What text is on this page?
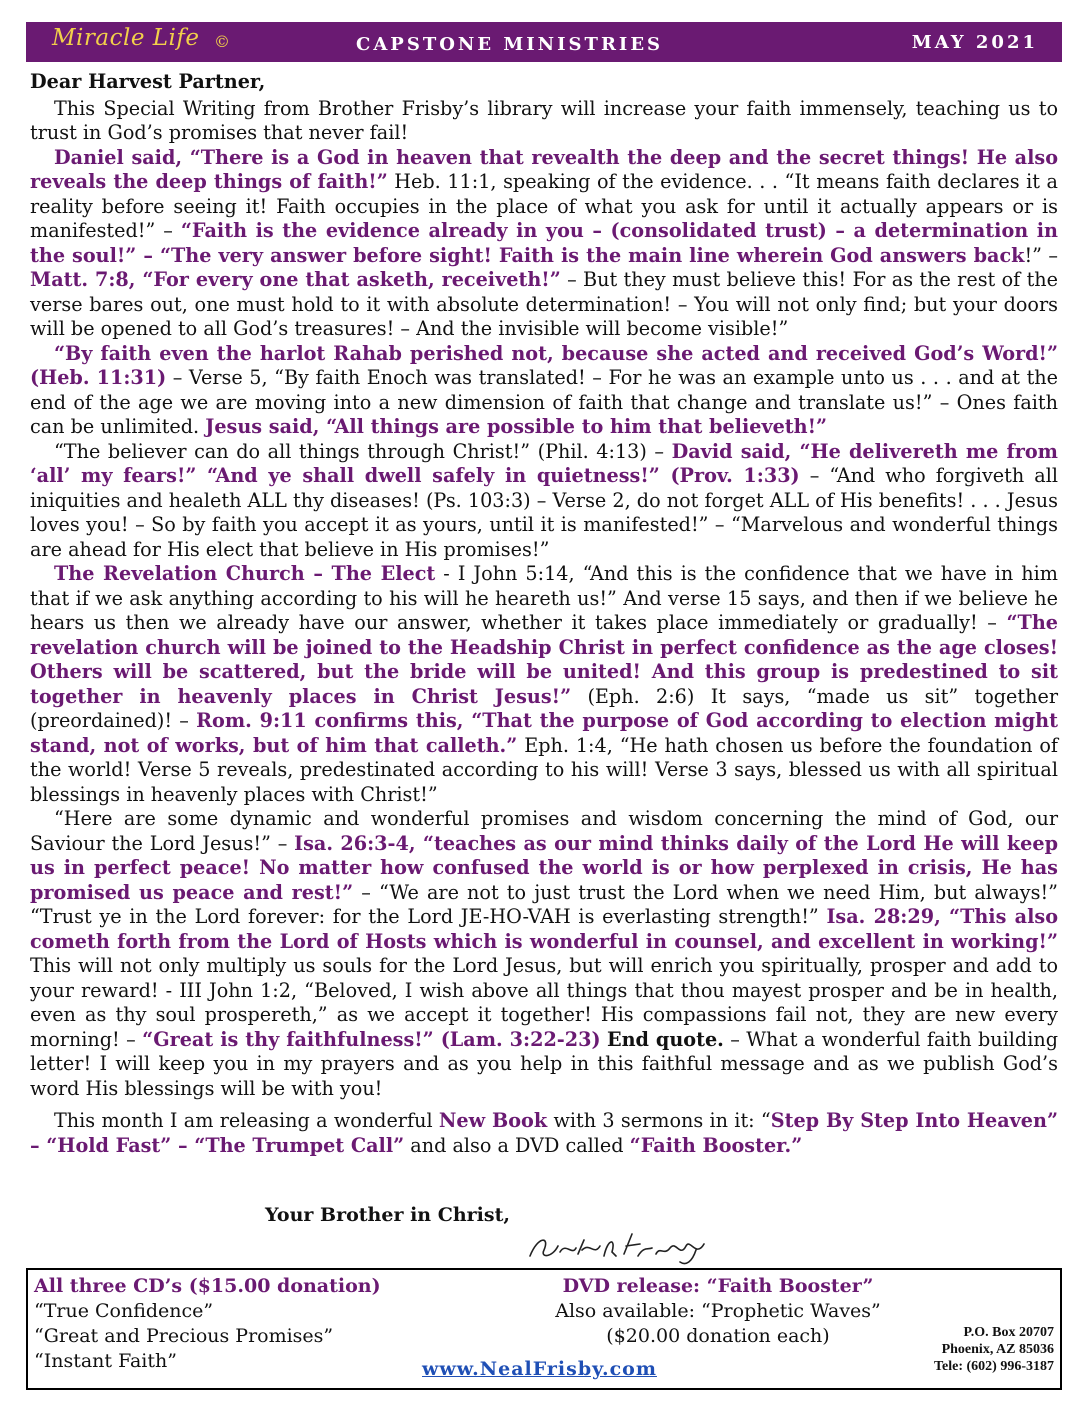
Miracle Life ©	CAPSTONE MINISTRIES	MAY 2021

Dear Harvest Partner,

This Special Writing from Brother Frisby’s library will increase your faith immensely, teaching us to trust in God’s promises that never fail!

Daniel said, “There is a God in heaven that revealth the deep and the secret things! He also reveals the deep things of faith!” Heb. 11:1, speaking of the evidence. . . “It means faith declares it a reality before seeing it! Faith occupies in the place of what you ask for until it actually appears or is manifested!” – “Faith is the evidence already in you – (consolidated trust) – a determination in the soul!” – “The very answer before sight! Faith is the main line wherein God answers back!” – Matt. 7:8, “For every one that asketh, receiveth!” – But they must believe this! For as the rest of the verse bares out, one must hold to it with absolute determination! – You will not only find; but your doors will be opened to all God’s treasures! – And the invisible will become visible!”

“By faith even the harlot Rahab perished not, because she acted and received God’s Word!” (Heb. 11:31) – Verse 5, “By faith Enoch was translated! – For he was an example unto us . . . and at the end of the age we are moving into a new dimension of faith that change and translate us!” – Ones faith can be unlimited. Jesus said, “All things are possible to him that believeth!”

“The believer can do all things through Christ!” (Phil. 4:13) – David said, “He delivereth me from ‘all’ my fears!” “And ye shall dwell safely in quietness!” (Prov. 1:33) – “And who forgiveth all iniquities and healeth ALL thy diseases! (Ps. 103:3) – Verse 2, do not forget ALL of His benefits! . . . Jesus loves you! – So by faith you accept it as yours, until it is manifested!” – “Marvelous and wonderful things are ahead for His elect that believe in His promises!”

The Revelation Church – The Elect - I John 5:14, “And this is the confidence that we have in him that if we ask anything according to his will he heareth us!” And verse 15 says, and then if we believe he hears us then we already have our answer, whether it takes place immediately or gradually! – “The revelation church will be joined to the Headship Christ in perfect confidence as the age closes! Others will be scattered, but the bride will be united! And this group is predestined to sit together in heavenly places in Christ Jesus!” (Eph. 2:6) It says, “made us sit” together (preordained)! – Rom. 9:11 confirms this, “That the purpose of God according to election might stand, not of works, but of him that calleth.” Eph. 1:4, “He hath chosen us before the foundation of the world! Verse 5 reveals, predestinated according to his will! Verse 3 says, blessed us with all spiritual blessings in heavenly places with Christ!”

“Here are some dynamic and wonderful promises and wisdom concerning the mind of God, our Saviour the Lord Jesus!” – Isa. 26:3-4, “teaches as our mind thinks daily of the Lord He will keep us in perfect peace! No matter how confused the world is or how perplexed in crisis, He has promised us peace and rest!” – “We are not to just trust the Lord when we need Him, but always!” “Trust ye in the Lord forever: for the Lord JE-HO-VAH is everlasting strength!” Isa. 28:29, “This also cometh forth from the Lord of Hosts which is wonderful in counsel, and excellent in working!” This will not only multiply us souls for the Lord Jesus, but will enrich you spiritually, prosper and add to your reward! - III John 1:2, “Beloved, I wish above all things that thou mayest prosper and be in health, even as thy soul prospereth,” as we accept it together! His compassions fail not, they are new every morning! – “Great is thy faithfulness!” (Lam. 3:22-23) End quote. – What a wonderful faith building letter! I will keep you in my prayers and as you help in this faithful message and as we publish God’s word His blessings will be with you!

This month I am releasing a wonderful New Book with 3 sermons in it: “Step By Step Into Heaven” – “Hold Fast” – “The Trumpet Call” and also a DVD called “Faith Booster.”

Your Brother in Christ,
All three CD’s ($15.00 donation)
“True Confidence”
“Great and Precious Promises”
“Instant Faith”
DVD release: “Faith Booster”
Also available: “Prophetic Waves”
($20.00 donation each)
www.NealFrisby.com
P.O. Box 20707
Phoenix, AZ 85036
Tele: (602) 996-3187
